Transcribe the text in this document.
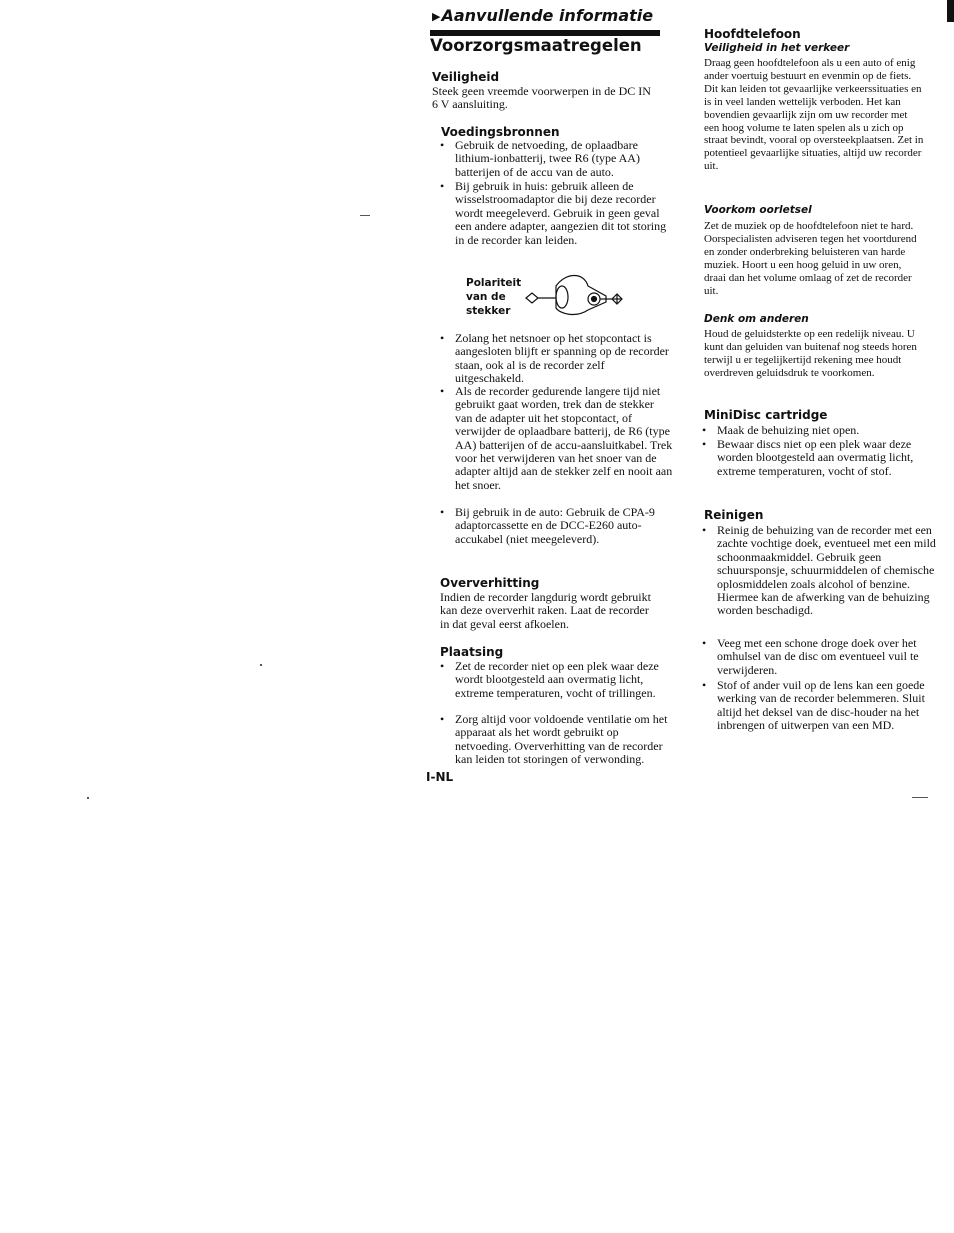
▶Aanvullende informatie
Voorzorgsmaatregelen
Veiligheid
Steek geen vreemde voorwerpen in de DC IN 6 V aansluiting.
Voedingsbronnen
• Gebruik de netvoeding, de oplaadbare lithium-ionbatterij, twee R6 (type AA) batterijen of de accu van de auto.
• Bij gebruik in huis: gebruik alleen de wisselstroomadaptor die bij deze recorder wordt meegeleverd. Gebruik in geen geval een andere adapter, aangezien dit tot storing in de recorder kan leiden.
Polariteit van de stekker
• Zolang het netsnoer op het stopcontact is aangesloten blijft er spanning op de recorder staan, ook al is de recorder zelf uitgeschakeld.
• Als de recorder gedurende langere tijd niet gebruikt gaat worden, trek dan de stekker van de adapter uit het stopcontact, of verwijder de oplaadbare batterij, de R6 (type AA) batterijen of de accu-aansluitkabel. Trek voor het verwijderen van het snoer van de adapter altijd aan de stekker zelf en nooit aan het snoer.
• Bij gebruik in de auto: Gebruik de CPA-9 adaptorcassette en de DCC-E260 auto-accukabel (niet meegeleverd).
Oververhitting
Indien de recorder langdurig wordt gebruikt kan deze oververhit raken. Laat de recorder in dat geval eerst afkoelen.
Plaatsing
• Zet de recorder niet op een plek waar deze wordt blootgesteld aan overmatig licht, extreme temperaturen, vocht of trillingen.
• Zorg altijd voor voldoende ventilatie om het apparaat als het wordt gebruikt op netvoeding. Oververhitting van de recorder kan leiden tot storingen of verwonding.
I-NL
Hoofdtelefoon
Veiligheid in het verkeer
Draag geen hoofdtelefoon als u een auto of enig ander voertuig bestuurt en evenmin op de fiets. Dit kan leiden tot gevaarlijke verkeerssituaties en is in veel landen wettelijk verboden. Het kan bovendien gevaarlijk zijn om uw recorder met een hoog volume te laten spelen als u zich op straat bevindt, vooral op oversteekplaatsen. Zet in potentieel gevaarlijke situaties, altijd uw recorder uit.
Voorkom oorletsel
Zet de muziek op de hoofdtelefoon niet te hard. Oorspecialisten adviseren tegen het voortdurend en zonder onderbreking beluisteren van harde muziek. Hoort u een hoog geluid in uw oren, draai dan het volume omlaag of zet de recorder uit.
Denk om anderen
Houd de geluidsterkte op een redelijk niveau. U kunt dan geluiden van buitenaf nog steeds horen terwijl u er tegelijkertijd rekening mee houdt overdreven geluidsdruk te voorkomen.
MiniDisc cartridge
• Maak de behuizing niet open.
• Bewaar discs niet op een plek waar deze worden blootgesteld aan overmatig licht, extreme temperaturen, vocht of stof.
Reinigen
• Reinig de behuizing van de recorder met een zachte vochtige doek, eventueel met een mild schoonmaakmiddel. Gebruik geen schuursponsje, schuurmiddelen of chemische oplosmiddelen zoals alcohol of benzine. Hiermee kan de afwerking van de behuizing worden beschadigd.
• Veeg met een schone droge doek over het omhulsel van de disc om eventueel vuil te verwijderen.
• Stof of ander vuil op de lens kan een goede werking van de recorder belemmeren. Sluit altijd het deksel van de disc-houder na het inbrengen of uitwerpen van een MD.
